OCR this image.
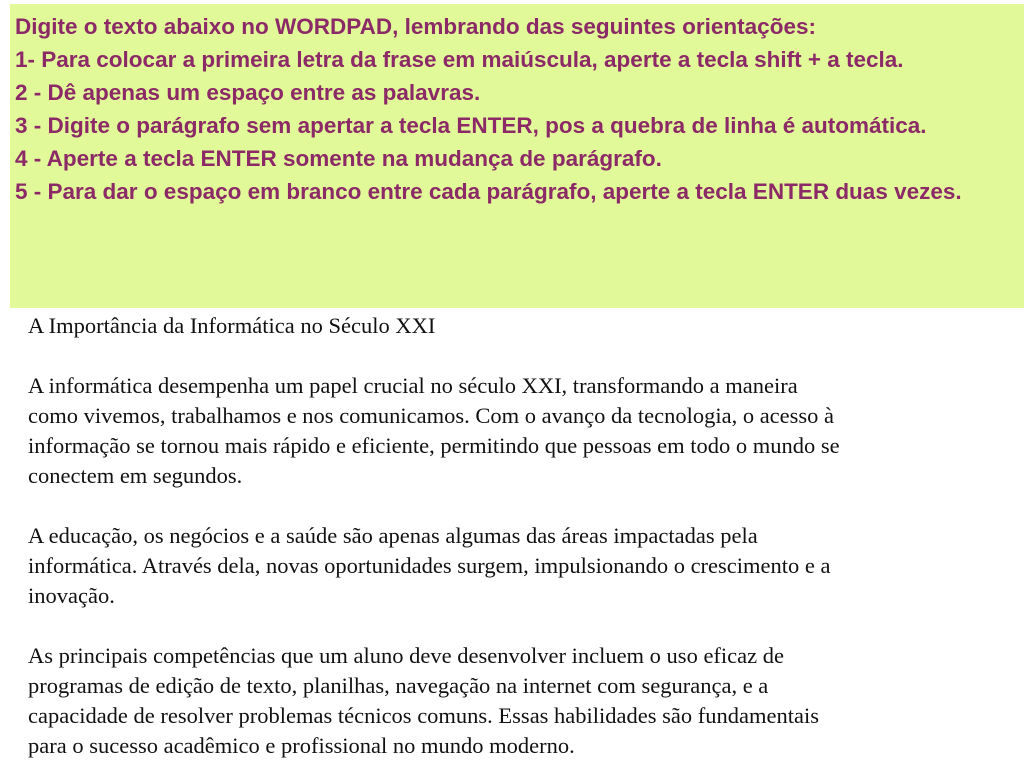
Digite o texto abaixo no WORDPAD, lembrando das seguintes orientações:

1- Para colocar a primeira letra da frase em maiúscula, aperte a tecla shift + a tecla.

2 - Dê apenas um espaço entre as palavras.

3 - Digite o parágrafo sem apertar a tecla ENTER, pos a quebra de linha é automática.

4 - Aperte a tecla ENTER somente na mudança de parágrafo.

5 - Para dar o espaço em branco entre cada parágrafo, aperte a tecla ENTER duas vezes.

A Importância da Informática no Século XXI

A informática desempenha um papel crucial no século XXI, transformando a maneira
como vivemos, trabalhamos e nos comunicamos. Com o avanço da tecnologia, o acesso à
informação se tornou mais rápido e eficiente, permitindo que pessoas em todo o mundo se
conectem em segundos.

A educação, os negócios e a saúde são apenas algumas das áreas impactadas pela
informática. Através dela, novas oportunidades surgem, impulsionando o crescimento e a
inovação.

As principais competências que um aluno deve desenvolver incluem o uso eficaz de
programas de edição de texto, planilhas, navegação na internet com segurança, e a
capacidade de resolver problemas técnicos comuns. Essas habilidades são fundamentais
para o sucesso acadêmico e profissional no mundo moderno.
